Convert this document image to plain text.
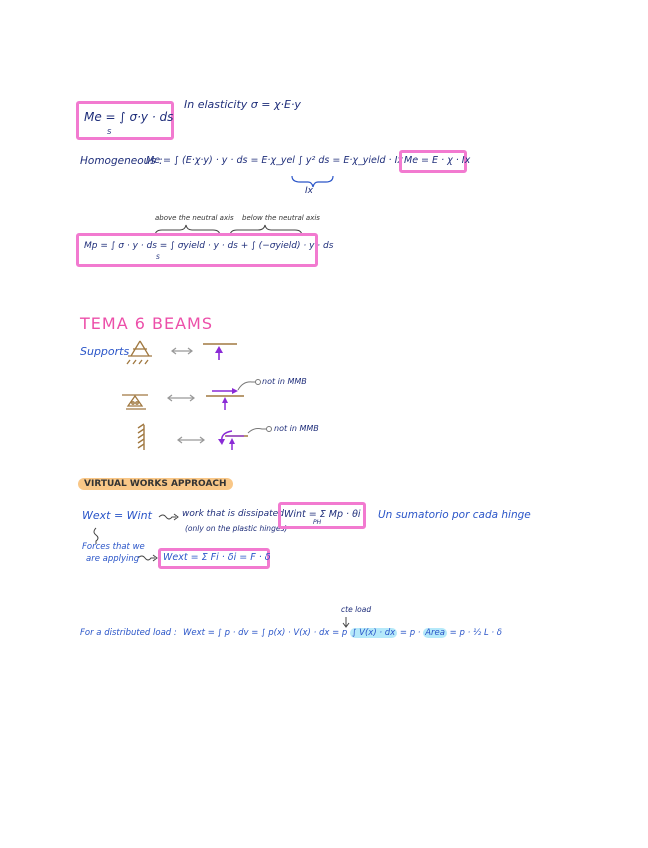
Me = ∫ σ·y · ds
S
In elasticity σ = χ·E·y
Homogeneous :
Me = ∫ (E·χ·y) · y · ds = E·χ_yel ∫ y² ds = E·χ_yield · Ix
Ix
Me = E · χ · Ix
above the neutral axis below the neutral axis
Mp = ∫ σ · y · ds = ∫ σyield · y · ds + ∫ (−σyield) · y · ds
S
TEMA 6 BEAMS
Supports
not in MMB
not in MMB
VIRTUAL WORKS APPROACH
Wext = Wint	work that is dissipated
(only on the plastic hinges)
Wint = Σ Mp · θi
PH
Un sumatorio por cada hinge
Forces that we
are applying	Wext = Σ Fi · δi = F · δ
cte load
For a distributed load : Wext = ∫ p · dv = ∫ p(x) · V(x) · dx = p ∫ V(x) · dx = p · Area = p · ½ L · δ
